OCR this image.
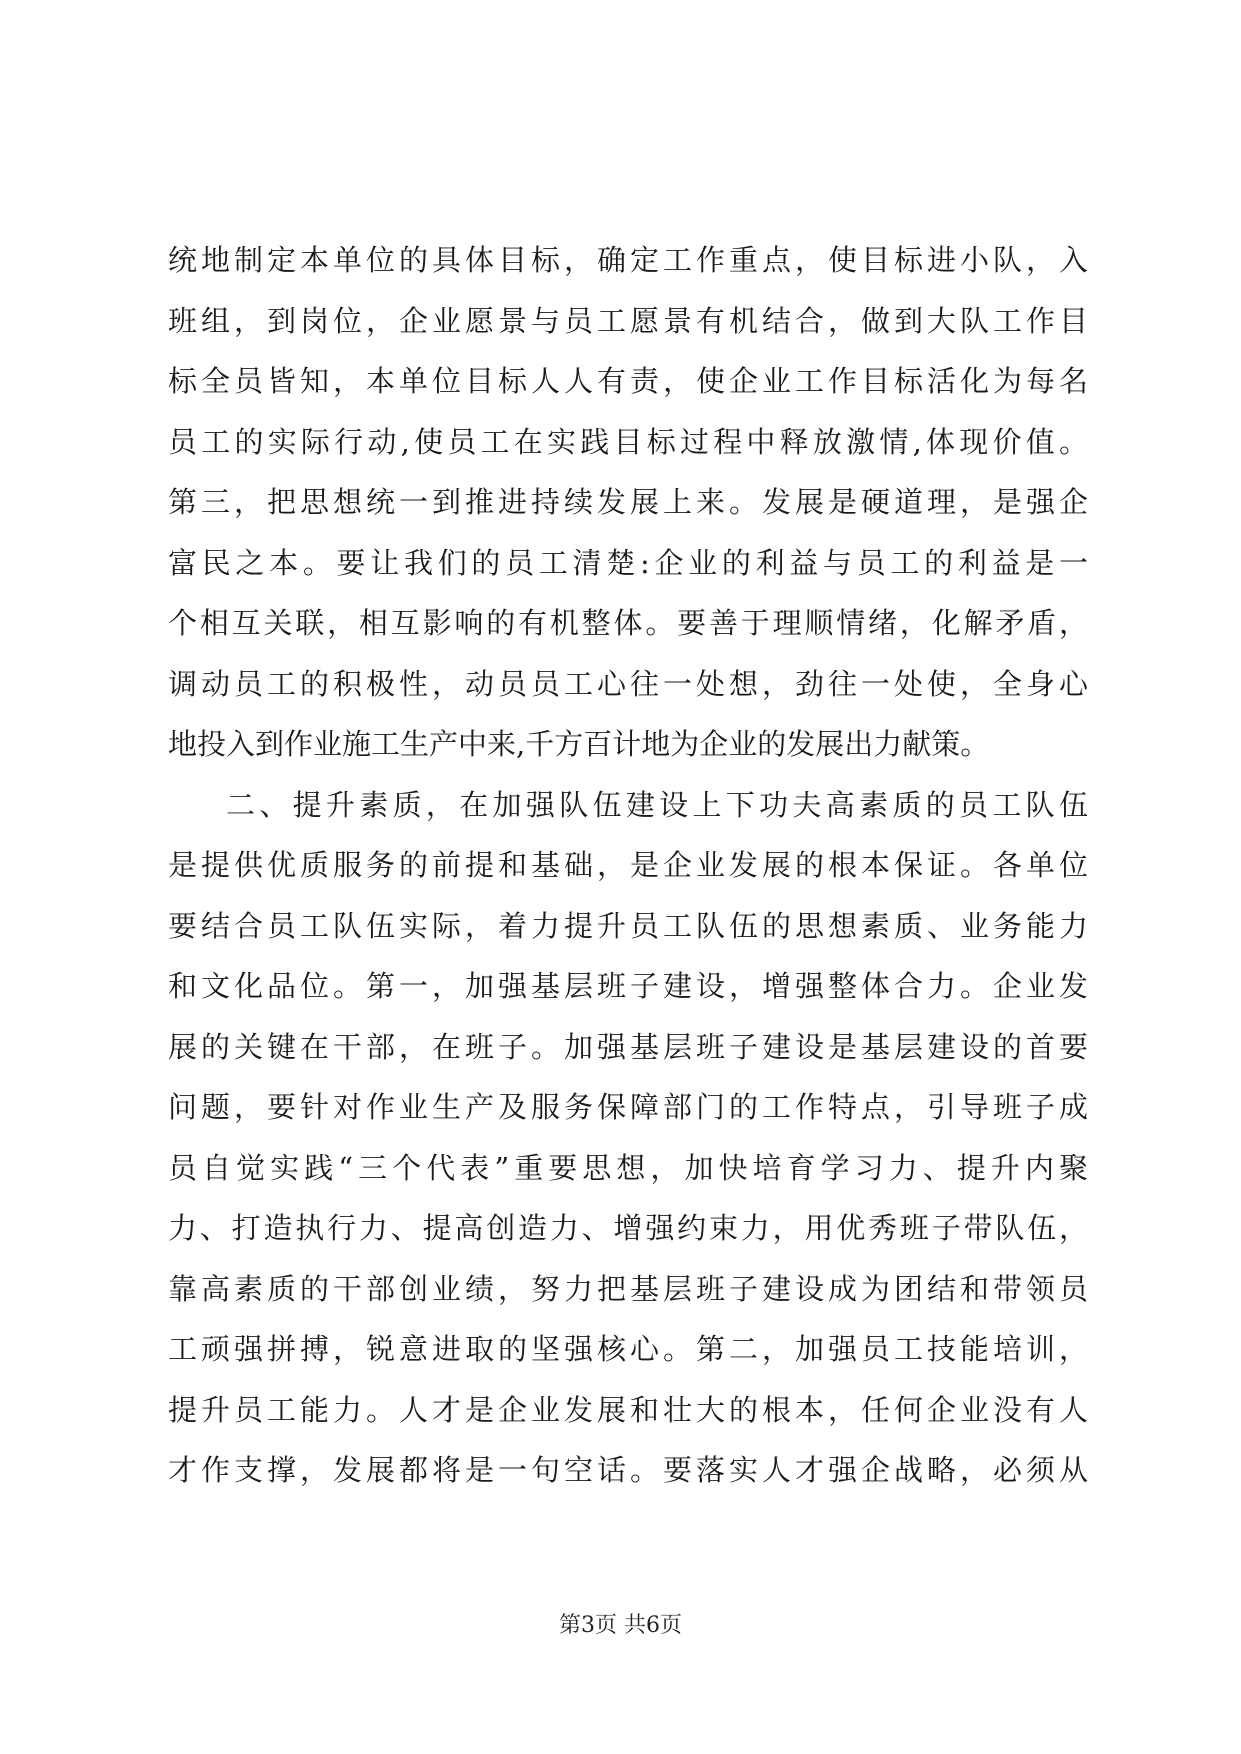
统地制定本单位的具体目标，确定工作重点，使目标进小队，入
班组，到岗位，企业愿景与员工愿景有机结合，做到大队工作目
标全员皆知，本单位目标人人有责，使企业工作目标活化为每名
员工的实际行动,使员工在实践目标过程中释放激情,体现价值。
第三，把思想统一到推进持续发展上来。发展是硬道理，是强企
富民之本。要让我们的员工清楚:企业的利益与员工的利益是一
个相互关联，相互影响的有机整体。要善于理顺情绪，化解矛盾，
调动员工的积极性，动员员工心往一处想，劲往一处使，全身心
地投入到作业施工生产中来,千方百计地为企业的发展出力献策。
二、提升素质，在加强队伍建设上下功夫高素质的员工队伍
是提供优质服务的前提和基础，是企业发展的根本保证。各单位
要结合员工队伍实际，着力提升员工队伍的思想素质、业务能力
和文化品位。第一，加强基层班子建设，增强整体合力。企业发
展的关键在干部，在班子。加强基层班子建设是基层建设的首要
问题，要针对作业生产及服务保障部门的工作特点，引导班子成
员自觉实践“三个代表”重要思想，加快培育学习力、提升内聚
力、打造执行力、提高创造力、增强约束力，用优秀班子带队伍，
靠高素质的干部创业绩，努力把基层班子建设成为团结和带领员
工顽强拼搏，锐意进取的坚强核心。第二，加强员工技能培训，
提升员工能力。人才是企业发展和壮大的根本，任何企业没有人
才作支撑，发展都将是一句空话。要落实人才强企战略，必须从
第3页 共6页
